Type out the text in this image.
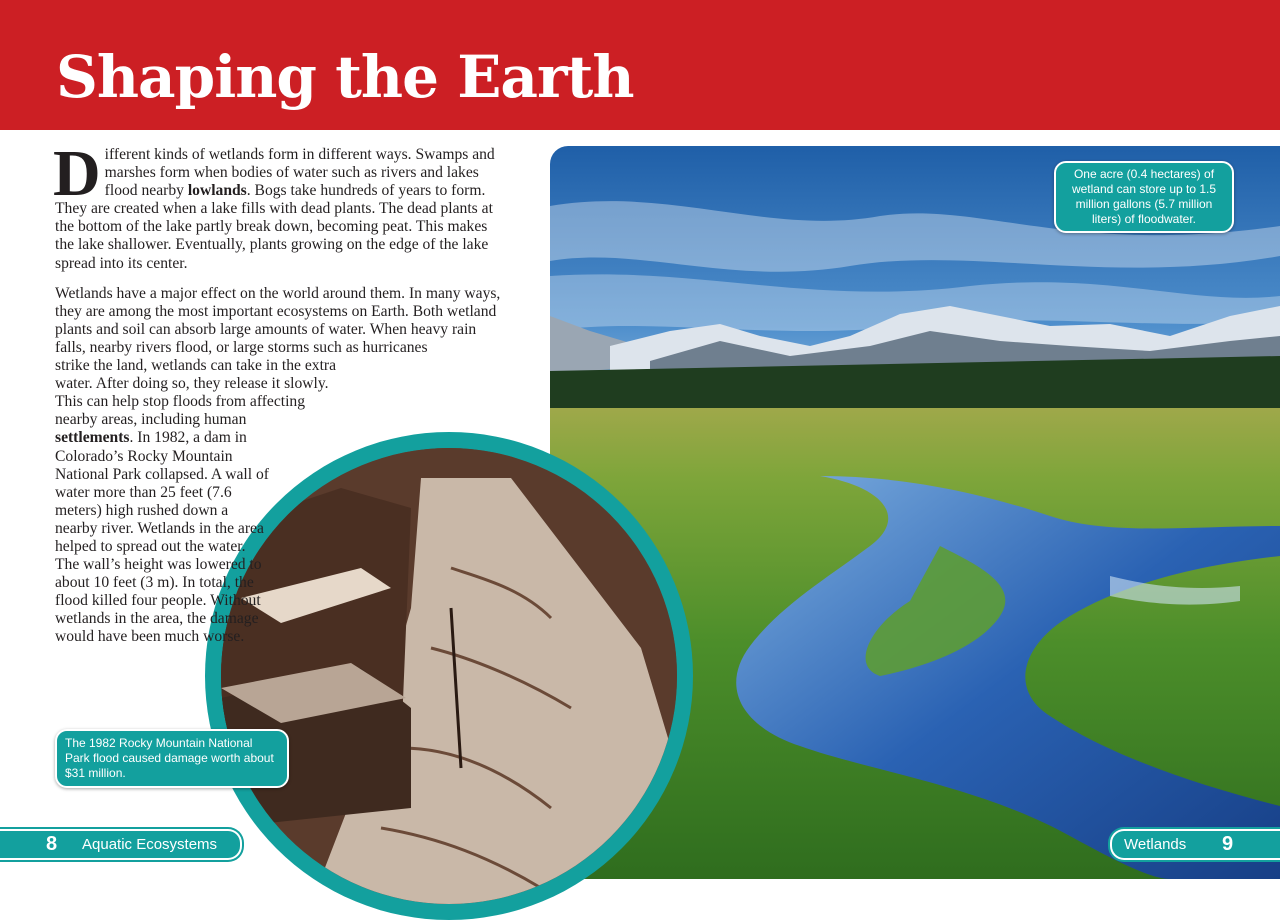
Shaping the Earth

Different kinds of wetlands form in different ways. Swamps and marshes form when bodies of water such as rivers and lakes flood nearby lowlands. Bogs take hundreds of years to form. They are created when a lake fills with dead plants. The dead plants at the bottom of the lake partly break down, becoming peat. This makes the lake shallower. Eventually, plants growing on the edge of the lake spread into its center.

Wetlands have a major effect on the world around them. In many ways, they are among the most important ecosystems on Earth. Both wetland plants and soil can absorb large amounts of water. When heavy rain falls, nearby rivers flood, or large storms such as hurricanes strike the land, wetlands can take in the extra water. After doing so, they release it slowly. This can help stop floods from affecting nearby areas, including human settlements. In 1982, a dam in Colorado’s Rocky Mountain National Park collapsed. A wall of water more than 25 feet (7.6 meters) high rushed down a nearby river. Wetlands in the area helped to spread out the water. The wall’s height was lowered to about 10 feet (3 m). In total, the flood killed four people. Without wetlands in the area, the damage would have been much worse.

One acre (0.4 hectares) of wetland can store up to 1.5 million gallons (5.7 million liters) of floodwater.
The 1982 Rocky Mountain National Park flood caused damage worth about $31 million.
8 Aquatic Ecosystems	Wetlands 9
